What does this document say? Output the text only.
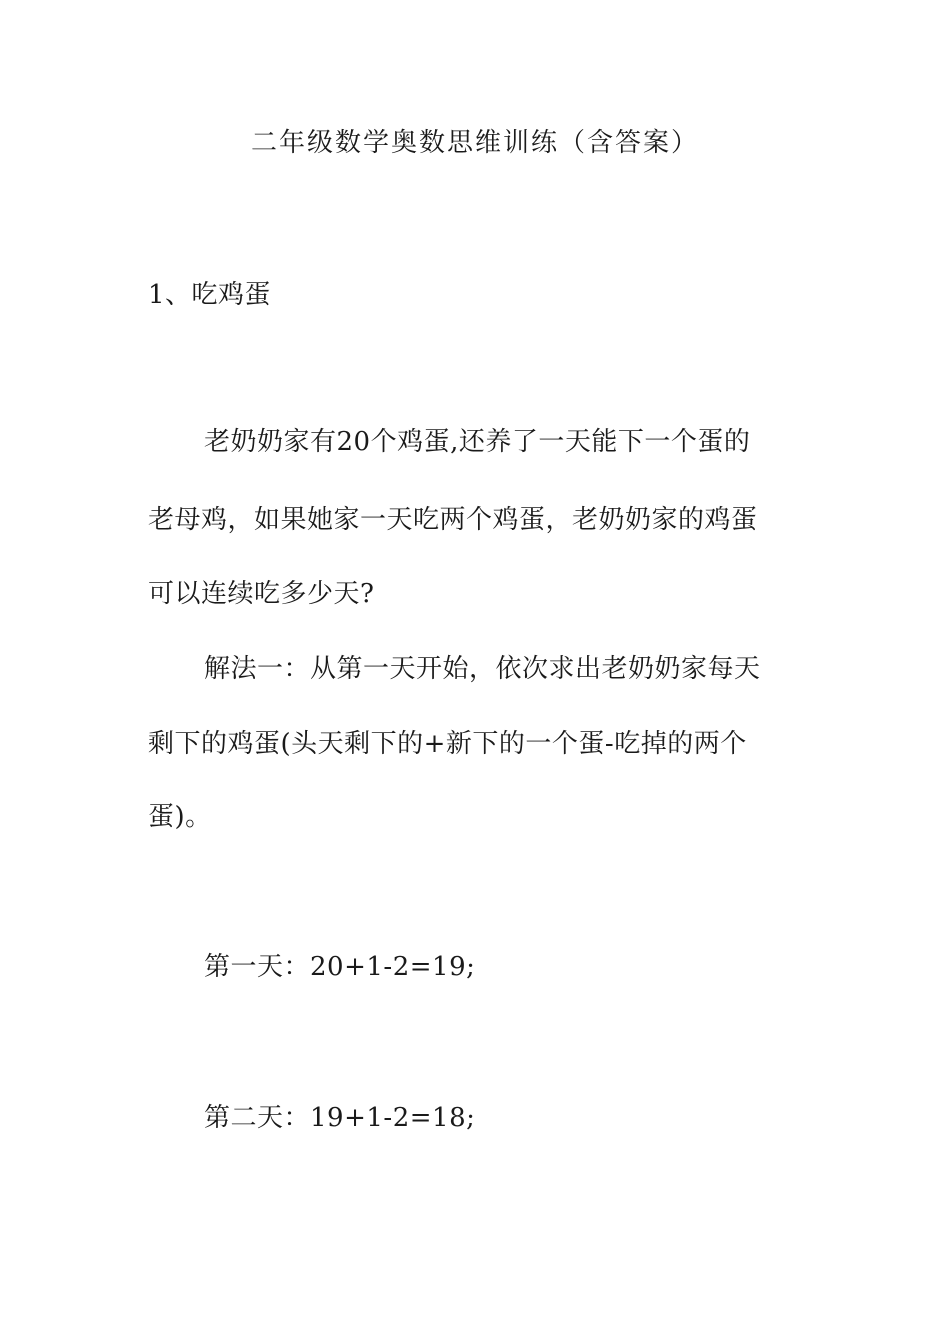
二年级数学奥数思维训练（含答案）
1、吃鸡蛋
老奶奶家有20个鸡蛋,还养了一天能下一个蛋的
老母鸡，如果她家一天吃两个鸡蛋，老奶奶家的鸡蛋
可以连续吃多少天?
解法一：从第一天开始，依次求出老奶奶家每天
剩下的鸡蛋(头天剩下的+新下的一个蛋-吃掉的两个
蛋)。
第一天：20+1-2=19;
第二天：19+1-2=18;
